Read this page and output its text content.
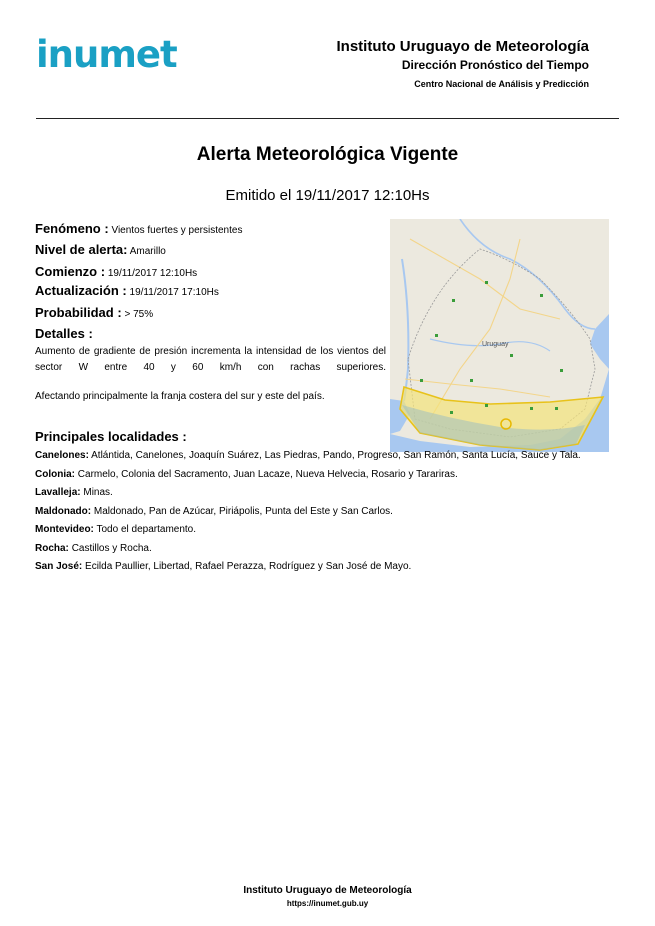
inumet	Instituto Uruguayo de Meteorología
Dirección Pronóstico del Tiempo
Centro Nacional de Análisis y Predicción
Alerta Meteorológica Vigente
Emitido el 19/11/2017 12:10Hs
Fenómeno : Vientos fuertes y persistentes
Nivel de alerta: Amarillo
Comienzo : 19/11/2017 12:10Hs
Actualización : 19/11/2017 17:10Hs
Probabilidad : > 75%
Detalles :
Aumento de gradiente de presión incrementa la intensidad de los vientos del sector W entre 40 y 60 km/h con rachas superiores.
Afectando principalmente la franja costera del sur y este del país.
Uruguay
Principales localidades :

Canelones: Atlántida, Canelones, Joaquín Suárez, Las Piedras, Pando, Progreso, San Ramón, Santa Lucía, Sauce y Tala.

Colonia: Carmelo, Colonia del Sacramento, Juan Lacaze, Nueva Helvecia, Rosario y Tarariras.

Lavalleja: Minas.

Maldonado: Maldonado, Pan de Azúcar, Piriápolis, Punta del Este y San Carlos.

Montevideo: Todo el departamento.

Rocha: Castillos y Rocha.

San José: Ecilda Paullier, Libertad, Rafael Perazza, Rodríguez y San José de Mayo.

Instituto Uruguayo de Meteorología
https://inumet.gub.uy
